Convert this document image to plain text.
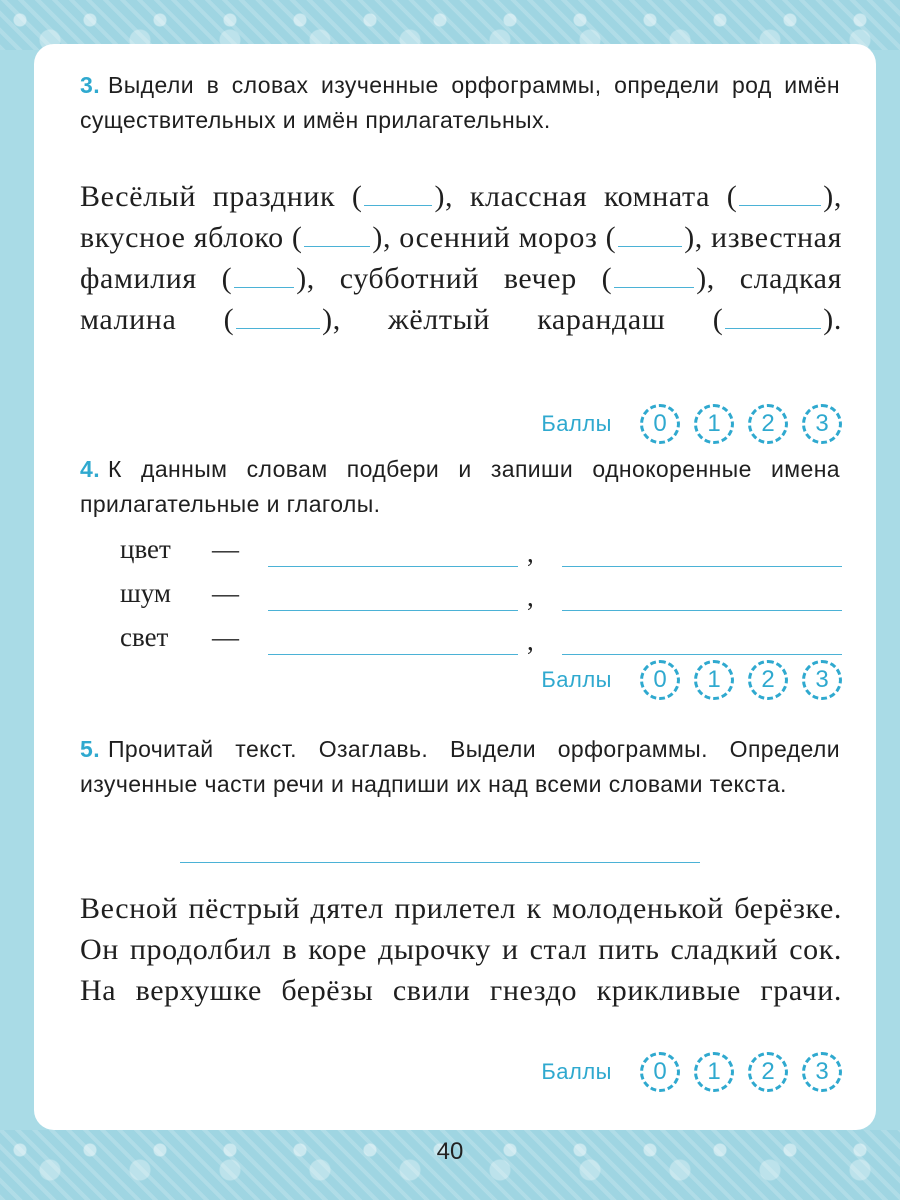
3. Выдели в словах изученные орфограммы, определи род имён существительных и имён прилагательных.
Весёлый праздник ( ), классная комната (	), вкусное яблоко ( ), осенний мороз ( ), известная фамилия ( ), субботний вечер (	), сладкая малина (	), жёлтый карандаш (	).
Баллы	0	1	2	3
4. К данным словам подбери и запиши однокоренные имена прилагательные и глаголы.
цвет —	,
шум —	,
свет —	,
Баллы	0	1	2	3
5. Прочитай текст. Озаглавь. Выдели орфограммы. Определи изученные части речи и надпиши их над всеми словами текста.
Весной пёстрый дятел прилетел к молоденькой берёзке. Он продолбил в коре дырочку и стал пить сладкий сок. На верхушке берёзы свили гнездо крикливые грачи.
Баллы	0	1	2	3
40
